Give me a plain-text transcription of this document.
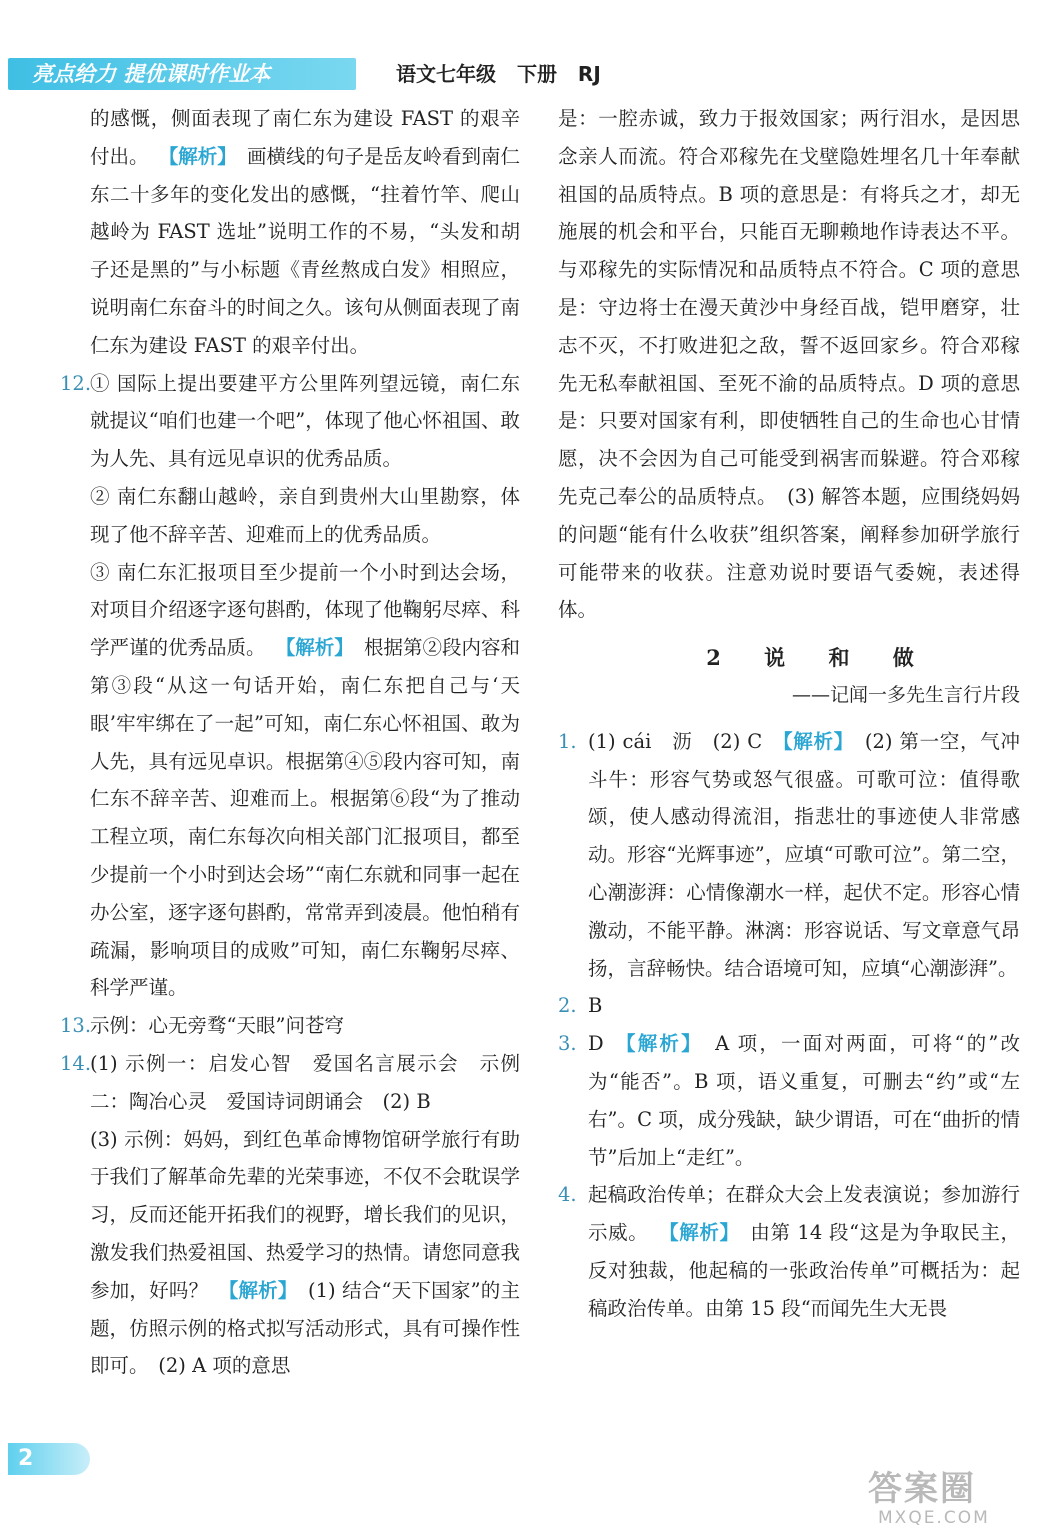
亮点给力 提优课时作业本	语文七年级 下册 RJ
的感慨，侧面表现了南仁东为建设 FAST 的艰辛付出。 【解析】 画横线的句子是岳友岭看到南仁东二十多年的变化发出的感慨，“拄着竹竿、爬山越岭为 FAST 选址”说明工作的不易，“头发和胡子还是黑的”与小标题《青丝熬成白发》相照应，说明南仁东奋斗的时间之久。该句从侧面表现了南仁东为建设 FAST 的艰辛付出。
12.
① 国际上提出要建平方公里阵列望远镜，南仁东就提议“咱们也建一个吧”，体现了他心怀祖国、敢为人先、具有远见卓识的优秀品质。
② 南仁东翻山越岭，亲自到贵州大山里勘察，体现了他不辞辛苦、迎难而上的优秀品质。
③ 南仁东汇报项目至少提前一个小时到达会场，对项目介绍逐字逐句斟酌，体现了他鞠躬尽瘁、科学严谨的优秀品质。 【解析】 根据第②段内容和第③段“从这一句话开始，南仁东把自己与‘天眼’牢牢绑在了一起”可知，南仁东心怀祖国、敢为人先，具有远见卓识。根据第④⑤段内容可知，南仁东不辞辛苦、迎难而上。根据第⑥段“为了推动工程立项，南仁东每次向相关部门汇报项目，都至少提前一个小时到达会场”“南仁东就和同事一起在办公室，逐字逐句斟酌，常常弄到凌晨。他怕稍有疏漏，影响项目的成败”可知，南仁东鞠躬尽瘁、科学严谨。
13.
示例：心无旁骛“天眼”问苍穹
14.
(1) 示例一：启发心智　爱国名言展示会　示例二：陶冶心灵　爱国诗词朗诵会　(2) B
(3) 示例：妈妈，到红色革命博物馆研学旅行有助于我们了解革命先辈的光荣事迹，不仅不会耽误学习，反而还能开拓我们的视野，增长我们的见识，激发我们热爱祖国、热爱学习的热情。请您同意我参加，好吗？ 【解析】 (1) 结合“天下国家”的主题，仿照示例的格式拟写活动形式，具有可操作性即可。　(2) A 项的意思
是：一腔赤诚，致力于报效国家；两行泪水，是因思念亲人而流。符合邓稼先在戈壁隐姓埋名几十年奉献祖国的品质特点。B 项的意思是：有将兵之才，却无施展的机会和平台，只能百无聊赖地作诗表达不平。与邓稼先的实际情况和品质特点不符合。C 项的意思是：守边将士在漫天黄沙中身经百战，铠甲磨穿，壮志不灭，不打败进犯之敌，誓不返回家乡。符合邓稼先无私奉献祖国、至死不渝的品质特点。D 项的意思是：只要对国家有利，即使牺牲自己的生命也心甘情愿，决不会因为自己可能受到祸害而躲避。符合邓稼先克己奉公的品质特点。　(3) 解答本题，应围绕妈妈的问题“能有什么收获”组织答案，阐释参加研学旅行可能带来的收获。注意劝说时要语气委婉，表述得体。
2 说 和 做
——记闻一多先生言行片段
1. (1) cái　沥　(2) C 【解析】 (2) 第一空，气冲斗牛：形容气势或怒气很盛。可歌可泣：值得歌颂，使人感动得流泪，指悲壮的事迹使人非常感动。形容“光辉事迹”，应填“可歌可泣”。第二空，心潮澎湃：心情像潮水一样，起伏不定。形容心情激动，不能平静。淋漓：形容说话、写文章意气昂扬，言辞畅快。结合语境可知，应填“心潮澎湃”。
2. B
3. D 【解析】 A 项，一面对两面，可将“的”改为“能否”。B 项，语义重复，可删去“约”或“左右”。C 项，成分残缺，缺少谓语，可在“曲折的情节”后加上“走红”。
4. 起稿政治传单；在群众大会上发表演说；参加游行示威。 【解析】 由第 14 段“这是为争取民主，反对独裁，他起稿的一张政治传单”可概括为：起稿政治传单。由第 15 段“而闻先生大无畏
2
答案圈
MXQE.COM
